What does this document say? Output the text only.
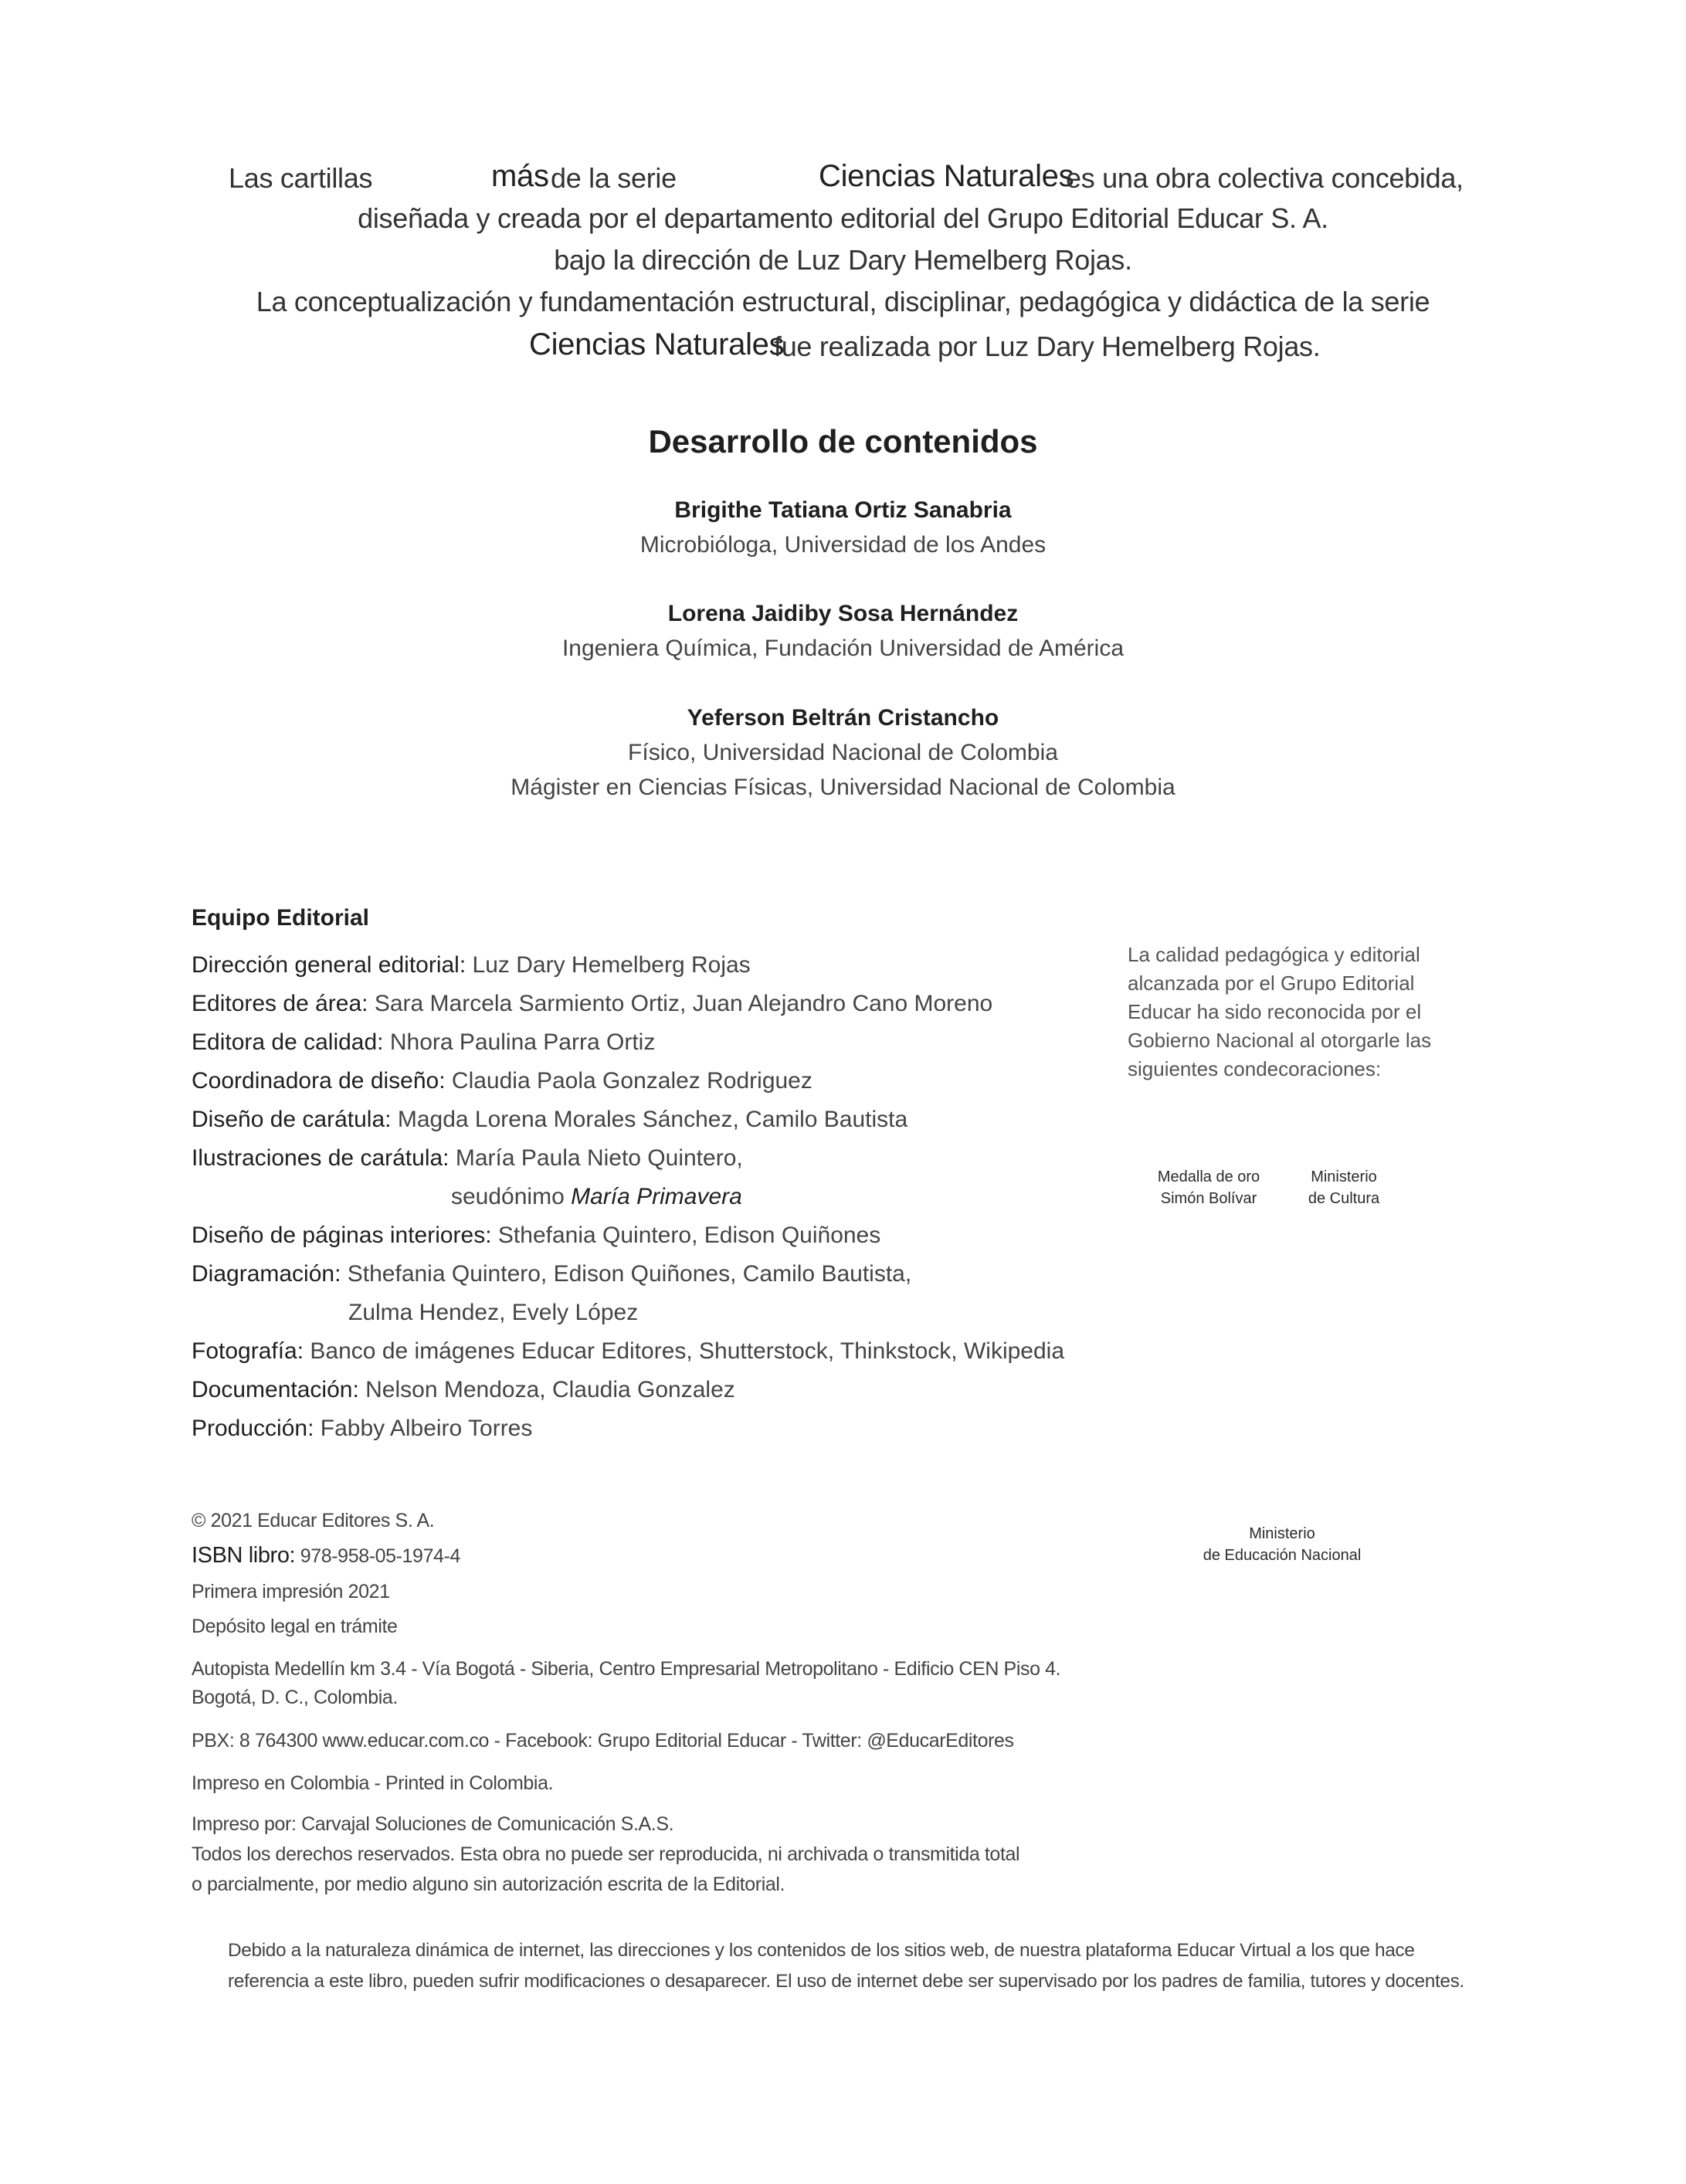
Las cartillas	más de la serie	Ciencias Naturales
es una obra colectiva concebida,
diseñada y creada por el departamento editorial del Grupo Editorial Educar S. A.
bajo la dirección de Luz Dary Hemelberg Rojas.
La conceptualización y fundamentación estructural, disciplinar, pedagógica y didáctica de la serie
Ciencias Naturales
fue realizada por Luz Dary Hemelberg Rojas.
Desarrollo de contenidos
Brigithe Tatiana Ortiz Sanabria
Microbióloga, Universidad de los Andes
Lorena Jaidiby Sosa Hernández
Ingeniera Química, Fundación Universidad de América
Yeferson Beltrán Cristancho
Físico, Universidad Nacional de Colombia
Mágister en Ciencias Físicas, Universidad Nacional de Colombia
Equipo Editorial
Dirección general editorial: Luz Dary Hemelberg Rojas
Editores de área: Sara Marcela Sarmiento Ortiz, Juan Alejandro Cano Moreno
Editora de calidad: Nhora Paulina Parra Ortiz
Coordinadora de diseño: Claudia Paola Gonzalez Rodriguez
Diseño de carátula: Magda Lorena Morales Sánchez, Camilo Bautista
Ilustraciones de carátula: María Paula Nieto Quintero,
seudónimo María Primavera
Diseño de páginas interiores: Sthefania Quintero, Edison Quiñones
Diagramación: Sthefania Quintero, Edison Quiñones, Camilo Bautista,
Zulma Hendez, Evely López
Fotografía: Banco de imágenes Educar Editores, Shutterstock, Thinkstock, Wikipedia
Documentación: Nelson Mendoza, Claudia Gonzalez
Producción: Fabby Albeiro Torres
La calidad pedagógica y editorial alcanzada por el Grupo Editorial Educar ha sido reconocida por el Gobierno Nacional al otorgarle las siguientes condecoraciones:
Medalla de oro
Simón Bolívar
Ministerio
de Cultura
Ministerio
de Educación Nacional
© 2021 Educar Editores S. A.
ISBN libro: 978-958-05-1974-4
Primera impresión 2021
Depósito legal en trámite
Autopista Medellín km 3.4 - Vía Bogotá - Siberia, Centro Empresarial Metropolitano - Edificio CEN Piso 4.
Bogotá, D. C., Colombia.
PBX: 8 764300 www.educar.com.co - Facebook: Grupo Editorial Educar - Twitter: @EducarEditores
Impreso en Colombia - Printed in Colombia.
Impreso por: Carvajal Soluciones de Comunicación S.A.S.
Todos los derechos reservados. Esta obra no puede ser reproducida, ni archivada o transmitida total
o parcialmente, por medio alguno sin autorización escrita de la Editorial.
Debido a la naturaleza dinámica de internet, las direcciones y los contenidos de los sitios web, de nuestra plataforma Educar Virtual a los que hace referencia a este libro, pueden sufrir modificaciones o desaparecer. El uso de internet debe ser supervisado por los padres de familia, tutores y docentes.
